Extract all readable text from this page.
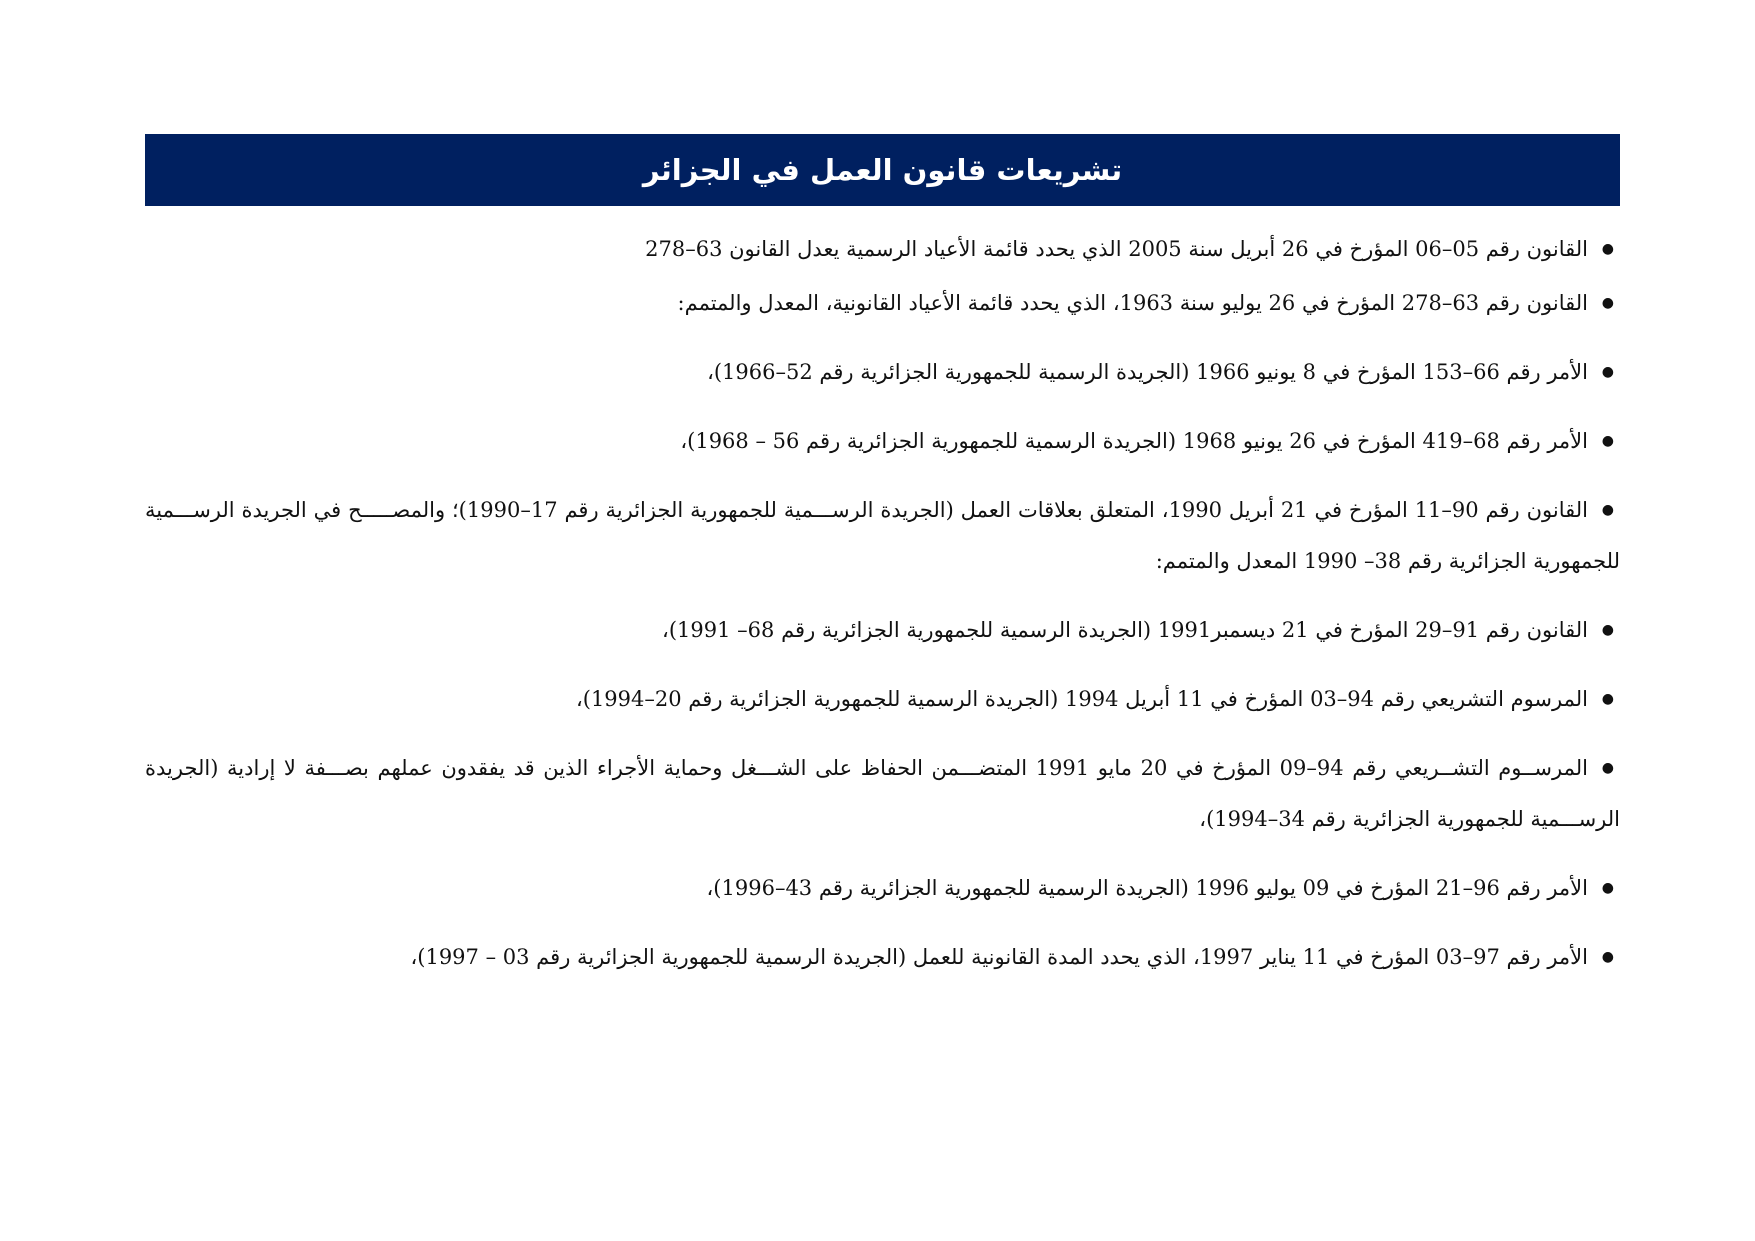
تشريعات قانون العمل في الجزائر
●
القانون رقم 05–06 المؤرخ في 26 أبريل سنة 2005 الذي يحدد قائمة الأعياد الرسمية يعدل القانون 63–278
●
القانون رقم 63–278 المؤرخ في 26 يوليو سنة 1963، الذي يحدد قائمة الأعياد القانونية، المعدل والمتمم:
●
الأمر رقم 66–153 المؤرخ في 8 يونيو 1966 (الجريدة الرسمية للجمهورية الجزائرية رقم 52–1966)،
●
الأمر رقم 68–419 المؤرخ في 26 يونيو 1968 (الجريدة الرسمية للجمهورية الجزائرية رقم 56 – 1968)،
●
القانون رقم 90–11 المؤرخ في 21 أبريل 1990، المتعلق بعلاقات العمل (الجريدة الرســـمية للجمهورية الجزائرية رقم 17–1990)؛ والمصـــــح في الجريدة الرســـمية للجمهورية الجزائرية رقم 38– 1990 المعدل والمتمم:
●
القانون رقم 91–29 المؤرخ في 21 ديسمبر1991 (الجريدة الرسمية للجمهورية الجزائرية رقم 68– 1991)،
●
المرسوم التشريعي رقم 94–03 المؤرخ في 11 أبريل 1994 (الجريدة الرسمية للجمهورية الجزائرية رقم 20–1994)،
●
المرســوم التشــريعي رقم 94–09 المؤرخ في 20 مايو 1991 المتضـــمن الحفاظ على الشـــغل وحماية الأجراء الذين قد يفقدون عملهم بصـــفة لا إرادية (الجريدة الرســـمية للجمهورية الجزائرية رقم 34–1994)،
●
الأمر رقم 96–21 المؤرخ في 09 يوليو 1996 (الجريدة الرسمية للجمهورية الجزائرية رقم 43–1996)،
●
الأمر رقم 97–03 المؤرخ في 11 يناير 1997، الذي يحدد المدة القانونية للعمل (الجريدة الرسمية للجمهورية الجزائرية رقم 03 – 1997)،
